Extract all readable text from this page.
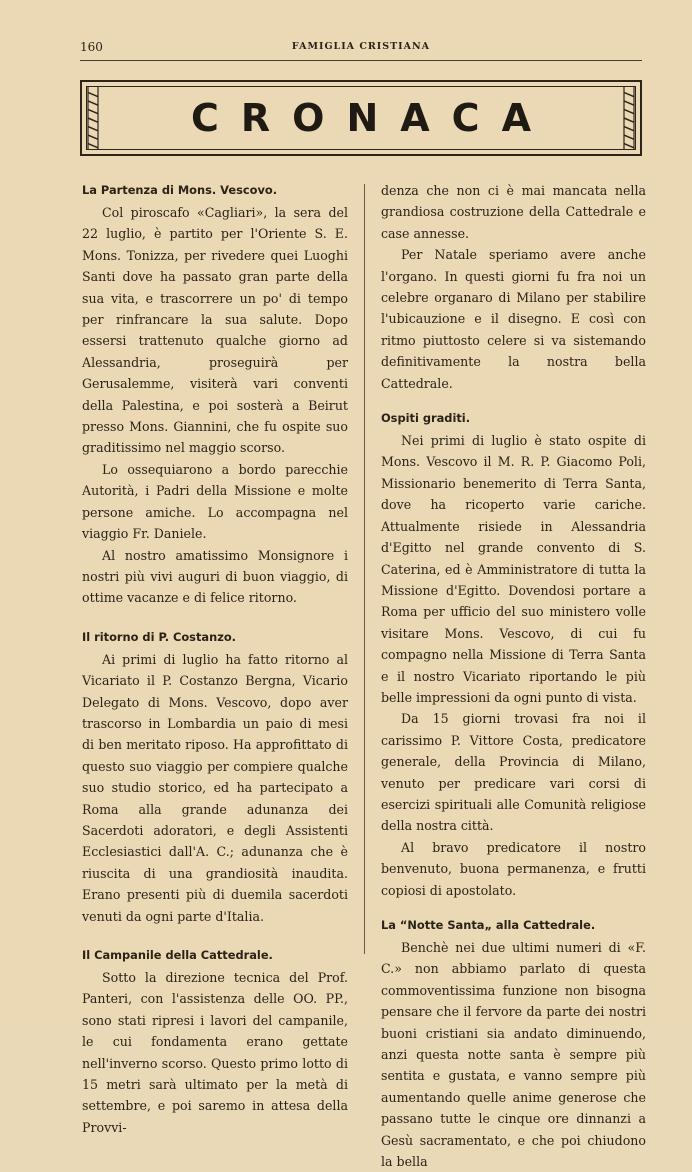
160	FAMIGLIA CRISTIANA
CRONACA
La Partenza di Mons. Vescovo.

Col piroscafo «Cagliari», la sera del 22 luglio, è partito per l'Oriente S. E. Mons. Tonizza, per rivedere quei Luoghi Santi dove ha passato gran parte della sua vita, e trascorrere un po' di tempo per rinfrancare la sua salute. Dopo essersi trattenuto qualche giorno ad Alessandria, proseguirà per Gerusalemme, visiterà vari conventi della Palestina, e poi sosterà a Beirut presso Mons. Giannini, che fu ospite suo graditissimo nel maggio scorso.

Lo ossequiarono a bordo parecchie Autorità, i Padri della Missione e molte persone amiche. Lo accompagna nel viaggio Fr. Daniele.

Al nostro amatissimo Monsignore i nostri più vivi auguri di buon viaggio, di ottime vacanze e di felice ritorno.

Il ritorno di P. Costanzo.

Ai primi di luglio ha fatto ritorno al Vicariato il P. Costanzo Bergna, Vicario Delegato di Mons. Vescovo, dopo aver trascorso in Lombardia un paio di mesi di ben meritato riposo. Ha approfittato di questo suo viaggio per compiere qualche suo studio storico, ed ha partecipato a Roma alla grande adunanza dei Sacerdoti adoratori, e degli Assistenti Ecclesiastici dall'A. C.; adunanza che è riuscita di una grandiosità inaudita. Erano presenti più di duemila sacerdoti venuti da ogni parte d'Italia.

Il Campanile della Cattedrale.

Sotto la direzione tecnica del Prof. Panteri, con l'assistenza delle OO. PP., sono stati ripresi i lavori del campanile, le cui fondamenta erano gettate nell'inverno scorso. Questo primo lotto di 15 metri sarà ultimato per la metà di settembre, e poi saremo in attesa della Provvi-

denza che non ci è mai mancata nella grandiosa costruzione della Cattedrale e case annesse.

Per Natale speriamo avere anche l'organo. In questi giorni fu fra noi un celebre organaro di Milano per stabilire l'ubicauzione e il disegno. E così con ritmo piuttosto celere si va sistemando definitivamente la nostra bella Cattedrale.

Ospiti graditi.

Nei primi di luglio è stato ospite di Mons. Vescovo il M. R. P. Giacomo Poli, Missionario benemerito di Terra Santa, dove ha ricoperto varie cariche. Attualmente risiede in Alessandria d'Egitto nel grande convento di S. Caterina, ed è Amministratore di tutta la Missione d'Egitto. Dovendosi portare a Roma per ufficio del suo ministero volle visitare Mons. Vescovo, di cui fu compagno nella Missione di Terra Santa e il nostro Vicariato riportando le più belle impressioni da ogni punto di vista.

Da 15 giorni trovasi fra noi il carissimo P. Vittore Costa, predicatore generale, della Provincia di Milano, venuto per predicare vari corsi di esercizi spirituali alle Comunità religiose della nostra città.

Al bravo predicatore il nostro benvenuto, buona permanenza, e frutti copiosi di apostolato.

La “Notte Santa„ alla Cattedrale.

Benchè nei due ultimi numeri di «F. C.» non abbiamo parlato di questa commoventissima funzione non bisogna pensare che il fervore da parte dei nostri buoni cristiani sia andato diminuendo, anzi questa notte santa è sempre più sentita e gustata, e vanno sempre più aumentando quelle anime generose che passano tutte le cinque ore dinnanzi a Gesù sacramentato, e che poi chiudono la bella
